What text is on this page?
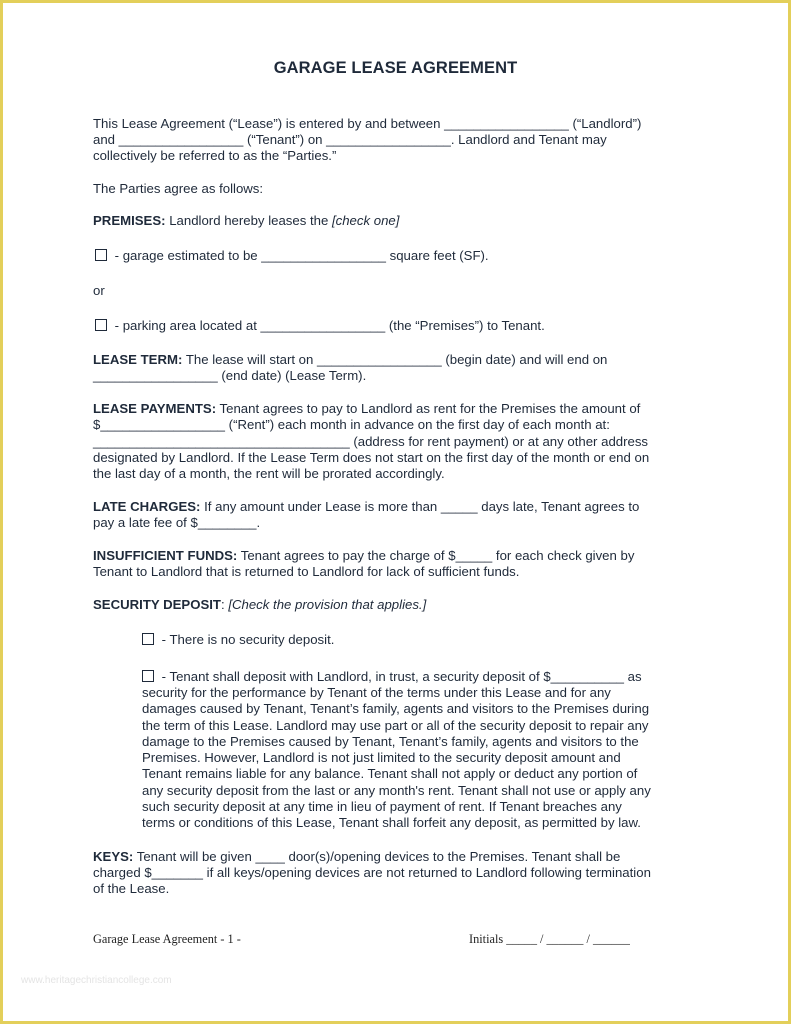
GARAGE LEASE AGREEMENT
This Lease Agreement (“Lease”) is entered by and between _________________ (“Landlord”)
and _________________ (“Tenant”) on _________________. Landlord and Tenant may
collectively be referred to as the “Parties.”
The Parties agree as follows:
PREMISES: Landlord hereby leases the [check one]
- garage estimated to be _________________ square feet (SF).
or
- parking area located at _________________ (the “Premises”) to Tenant.
LEASE TERM: The lease will start on _________________ (begin date) and will end on
_________________ (end date) (Lease Term).
LEASE PAYMENTS: Tenant agrees to pay to Landlord as rent for the Premises the amount of
$_________________ (“Rent”) each month in advance on the first day of each month at:
___________________________________ (address for rent payment) or at any other address
designated by Landlord. If the Lease Term does not start on the first day of the month or end on
the last day of a month, the rent will be prorated accordingly.
LATE CHARGES: If any amount under Lease is more than _____ days late, Tenant agrees to
pay a late fee of $________.
INSUFFICIENT FUNDS: Tenant agrees to pay the charge of $_____ for each check given by
Tenant to Landlord that is returned to Landlord for lack of sufficient funds.
SECURITY DEPOSIT: [Check the provision that applies.]
- There is no security deposit.
- Tenant shall deposit with Landlord, in trust, a security deposit of $__________ as
security for the performance by Tenant of the terms under this Lease and for any
damages caused by Tenant, Tenant’s family, agents and visitors to the Premises during
the term of this Lease. Landlord may use part or all of the security deposit to repair any
damage to the Premises caused by Tenant, Tenant’s family, agents and visitors to the
Premises. However, Landlord is not just limited to the security deposit amount and
Tenant remains liable for any balance. Tenant shall not apply or deduct any portion of
any security deposit from the last or any month's rent. Tenant shall not use or apply any
such security deposit at any time in lieu of payment of rent. If Tenant breaches any
terms or conditions of this Lease, Tenant shall forfeit any deposit, as permitted by law.
KEYS: Tenant will be given ____ door(s)/opening devices to the Premises. Tenant shall be
charged $_______ if all keys/opening devices are not returned to Landlord following termination
of the Lease.
Garage Lease Agreement - 1 -	Initials _____ / ______ / ______
www.heritagechristiancollege.com
